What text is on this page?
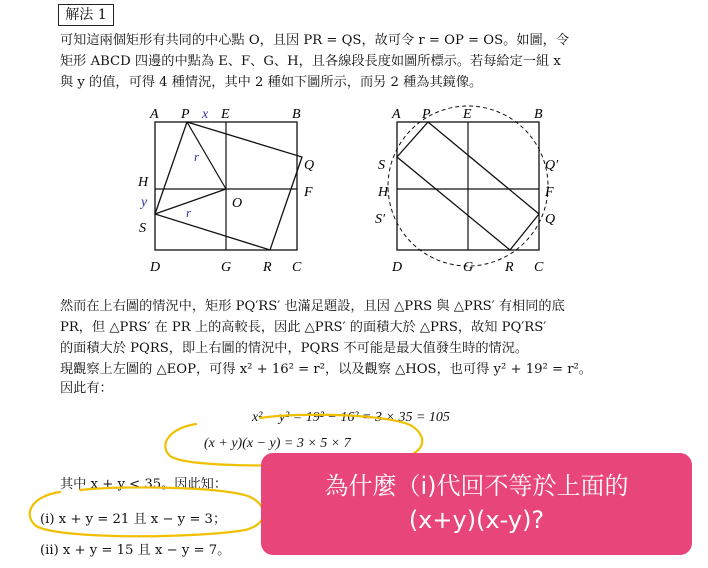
解法 1
可知這兩個矩形有共同的中心點 O，且因 PR = QS，故可令 r = OP = OS。如圖，令
矩形 ABCD 四邊的中點為 E、F、G、H，且各線段長度如圖所標示。若每給定一組 x
與 y 的值，可得 4 種情況，其中 2 種如下圖所示，而另 2 種為其鏡像。
A P x E	B
r
Q
H
F
y	O
r
S
D	G R C
A P E	B
S	Q′
H	F
S′	Q
D	G R C
然而在上右圖的情況中，矩形 PQ′RS′ 也滿足題設，且因 △PRS 與 △PRS′ 有相同的底
PR，但 △PRS′ 在 PR 上的高較長，因此 △PRS′ 的面積大於 △PRS，故知 PQ′RS′
的面積大於 PQRS，即上右圖的情況中，PQRS 不可能是最大值發生時的情況。
現觀察上左圖的 △EOP，可得 x² + 16² = r²，以及觀察 △HOS，也可得 y² + 19² = r²。
因此有：
x² − y² = 19² − 16² = 3 × 35 = 105
(x + y)(x − y) = 3 × 5 × 7
其中 x + y < 35。因此知：
(i) x + y = 21 且 x − y = 3；
(ii) x + y = 15 且 x − y = 7。
為什麼（i)代回不等於上面的
(x+y)(x-y)?
